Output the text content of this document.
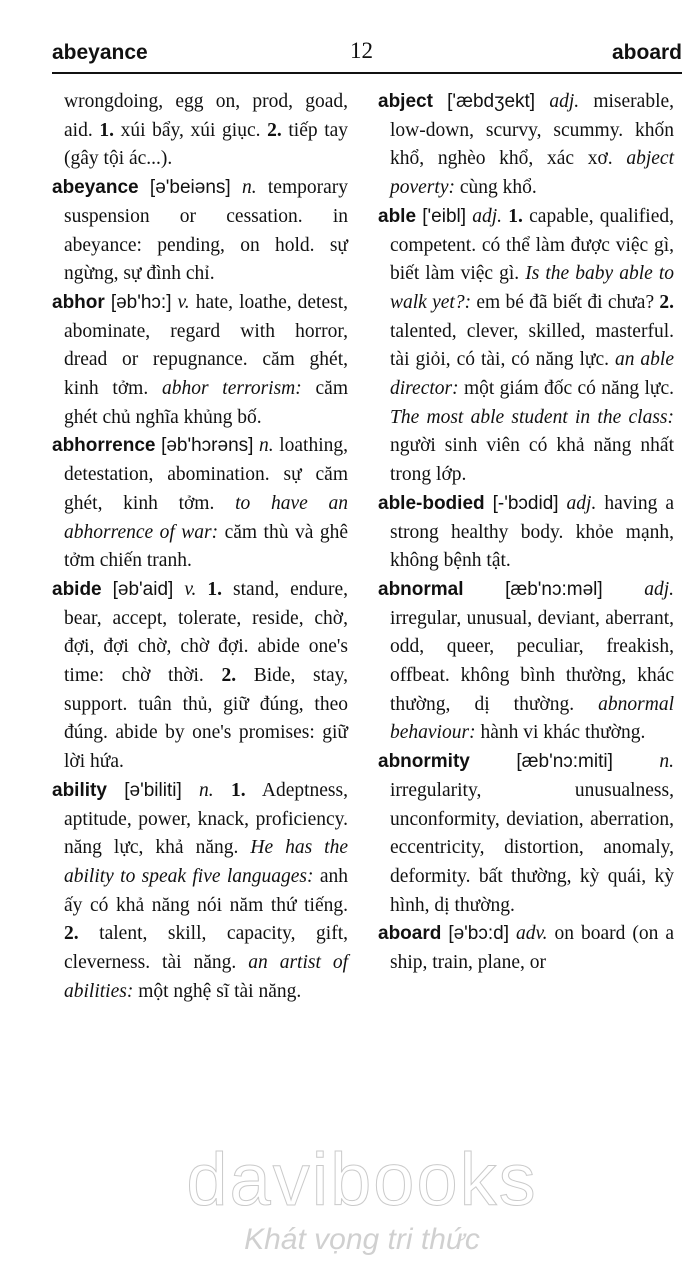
abeyance	12	aboard

wrongdoing, egg on, prod, goad, aid. 1. xúi bẩy, xúi giục. 2. tiếp tay (gây tội ác...).

abeyance [ə'beiəns] n. temporary suspension or cessation. in abeyance: pending, on hold. sự ngừng, sự đình chỉ.

abhor [əb'hɔ:] v. hate, loathe, detest, abominate, regard with horror, dread or repugnance. căm ghét, kinh tởm. abhor terrorism: căm ghét chủ nghĩa khủng bố.

abhorrence [əb'hɔrəns] n. loathing, detestation, abomination. sự căm ghét, kinh tởm. to have an abhorrence of war: căm thù và ghê tởm chiến tranh.

abide [əb'aid] v. 1. stand, endure, bear, accept, tolerate, reside, chờ, đợi, đợi chờ, chờ đợi. abide one's time: chờ thời. 2. Bide, stay, support. tuân thủ, giữ đúng, theo đúng. abide by one's promises: giữ lời hứa.

ability [ə'biliti] n. 1. Adeptness, aptitude, power, knack, proficiency. năng lực, khả năng. He has the ability to speak five languages: anh ấy có khả năng nói năm thứ tiếng. 2. talent, skill, capacity, gift, cleverness. tài năng. an artist of abilities: một nghệ sĩ tài năng.

abject ['æbdʒekt] adj. miserable, low-down, scurvy, scummy. khốn khổ, nghèo khổ, xác xơ. abject poverty: cùng khổ.

able ['eibl] adj. 1. capable, qualified, competent. có thể làm được việc gì, biết làm việc gì. Is the baby able to walk yet?: em bé đã biết đi chưa? 2. talented, clever, skilled, masterful. tài giỏi, có tài, có năng lực. an able director: một giám đốc có năng lực. The most able student in the class: người sinh viên có khả năng nhất trong lớp.

able-bodied [-'bɔdid] adj. having a strong healthy body. khỏe mạnh, không bệnh tật.

abnormal [æb'nɔ:məl] adj. irregular, unusual, deviant, aberrant, odd, queer, peculiar, freakish, offbeat. không bình thường, khác thường, dị thường. abnormal behaviour: hành vi khác thường.

abnormity [æb'nɔ:miti] n. irregularity, unusualness, unconformity, deviation, aberration, eccentricity, distortion, anomaly, deformity. bất thường, kỳ quái, kỳ hình, dị thường.

aboard [ə'bɔ:d] adv. on board (on a ship, train, plane, or

davibooks
Khát vọng tri thức
